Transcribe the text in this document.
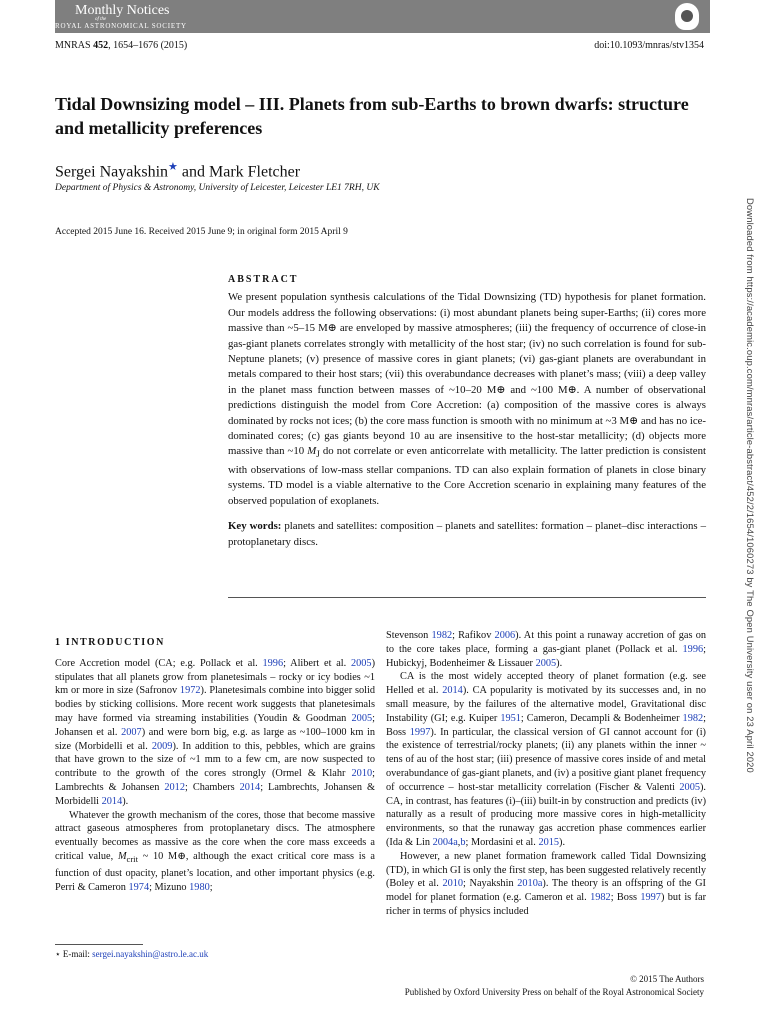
Monthly Notices
of the
ROYAL ASTRONOMICAL SOCIETY
MNRAS 452, 1654–1676 (2015)	doi:10.1093/mnras/stv1354
Tidal Downsizing model – III. Planets from sub-Earths to brown dwarfs: structure and metallicity preferences
Sergei Nayakshin★ and Mark Fletcher
Department of Physics & Astronomy, University of Leicester, Leicester LE1 7RH, UK
Accepted 2015 June 16. Received 2015 June 9; in original form 2015 April 9
ABSTRACT
We present population synthesis calculations of the Tidal Downsizing (TD) hypothesis for planet formation. Our models address the following observations: (i) most abundant planets being super-Earths; (ii) cores more massive than ~5–15 M⊕ are enveloped by massive atmospheres; (iii) the frequency of occurrence of close-in gas-giant planets correlates strongly with metallicity of the host star; (iv) no such correlation is found for sub-Neptune planets; (v) presence of massive cores in giant planets; (vi) gas-giant planets are overabundant in metals compared to their host stars; (vii) this overabundance decreases with planet’s mass; (viii) a deep valley in the planet mass function between masses of ~10–20 M⊕ and ~100 M⊕. A number of observational predictions distinguish the model from Core Accretion: (a) composition of the massive cores is always dominated by rocks not ices; (b) the core mass function is smooth with no minimum at ~3 M⊕ and has no ice-dominated cores; (c) gas giants beyond 10 au are insensitive to the host-star metallicity; (d) objects more massive than ~10 $M_J$ do not correlate or even anticorrelate with metallicity. The latter prediction is consistent with observations of low-mass stellar companions. TD can also explain formation of planets in close binary systems. TD model is a viable alternative to the Core Accretion scenario in explaining many features of the observed population of exoplanets.
Key words: planets and satellites: composition – planets and satellites: formation – planet–disc interactions – protoplanetary discs.
1 INTRODUCTION

Core Accretion model (CA; e.g. Pollack et al. 1996; Alibert et al. 2005) stipulates that all planets grow from planetesimals – rocky or icy bodies ~1 km or more in size (Safronov 1972). Planetesimals combine into bigger solid bodies by sticking collisions. More recent work suggests that planetesimals may have formed via streaming instabilities (Youdin & Goodman 2005; Johansen et al. 2007) and were born big, e.g. as large as ~100–1000 km in size (Morbidelli et al. 2009). In addition to this, pebbles, which are grains that have grown to the size of ~1 mm to a few cm, are now suspected to contribute to the growth of the cores strongly (Ormel & Klahr 2010; Lambrechts & Johansen 2012; Chambers 2014; Lambrechts, Johansen & Morbidelli 2014).

Whatever the growth mechanism of the cores, those that become massive attract gaseous atmospheres from protoplanetary discs. The atmosphere eventually becomes as massive as the core when the core mass exceeds a critical value, $M_{crit}$ ~ 10 M⊕, although the exact critical core mass is a function of dust opacity, planet’s location, and other important physics (e.g. Perri & Cameron 1974; Mizuno 1980;

Stevenson 1982; Rafikov 2006). At this point a runaway accretion of gas on to the core takes place, forming a gas-giant planet (Pollack et al. 1996; Hubickyj, Bodenheimer & Lissauer 2005).

CA is the most widely accepted theory of planet formation (e.g. see Helled et al. 2014). CA popularity is motivated by its successes and, in no small measure, by the failures of the alternative model, Gravitational disc Instability (GI; e.g. Kuiper 1951; Cameron, Decampli & Bodenheimer 1982; Boss 1997). In particular, the classical version of GI cannot account for (i) the existence of terrestrial/rocky planets; (ii) any planets within the inner ~ tens of au of the host star; (iii) presence of massive cores inside of and metal overabundance of gas-giant planets, and (iv) a positive giant planet frequency of occurrence – host-star metallicity correlation (Fischer & Valenti 2005). CA, in contrast, has features (i)–(iii) built-in by construction and predicts (iv) naturally as a result of producing more massive cores in high-metallicity environments, so that the runaway gas accretion phase commences earlier (Ida & Lin 2004a,b; Mordasini et al. 2015).

However, a new planet formation framework called Tidal Downsizing (TD), in which GI is only the first step, has been suggested relatively recently (Boley et al. 2010; Nayakshin 2010a). The theory is an offspring of the GI model for planet formation (e.g. Cameron et al. 1982; Boss 1997) but is far richer in terms of physics included

⋆ E-mail: sergei.nayakshin@astro.le.ac.uk
© 2015 The Authors
Published by Oxford University Press on behalf of the Royal Astronomical Society
Downloaded from https://academic.oup.com/mnras/article-abstract/452/2/1654/1060273 by The Open University user on 23 April 2020
